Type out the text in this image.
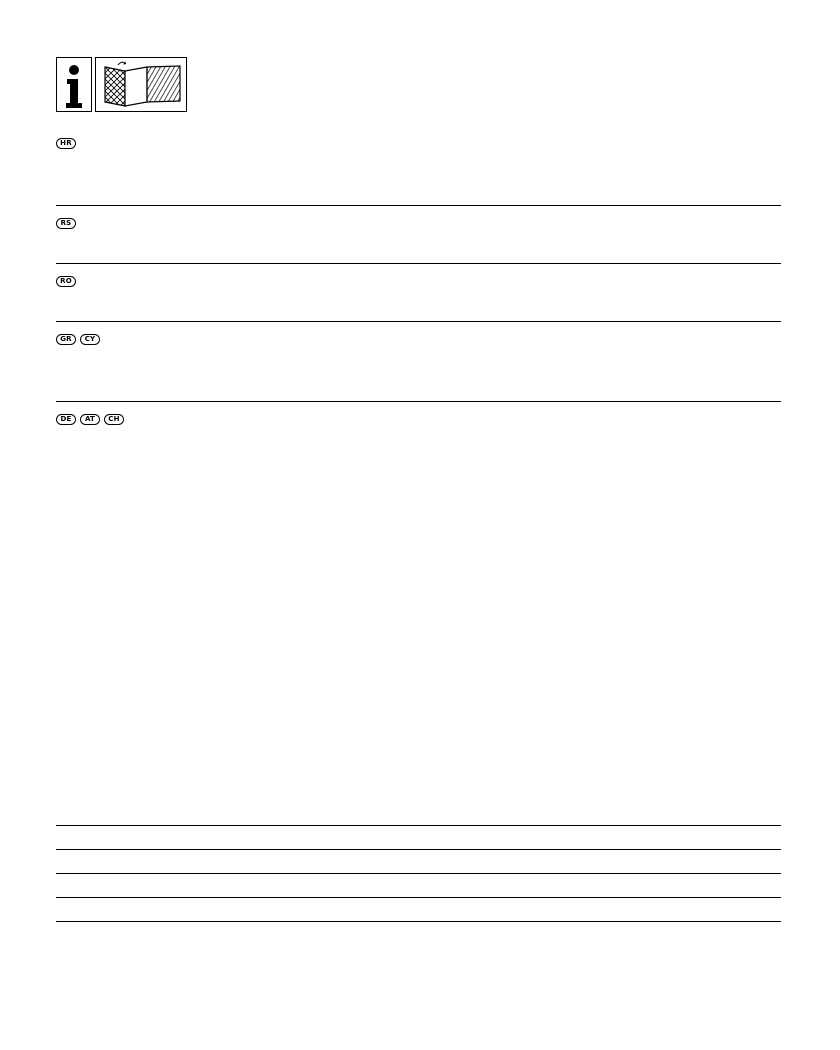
HR
RS
RO
GR	CY
DE	AT	CH
